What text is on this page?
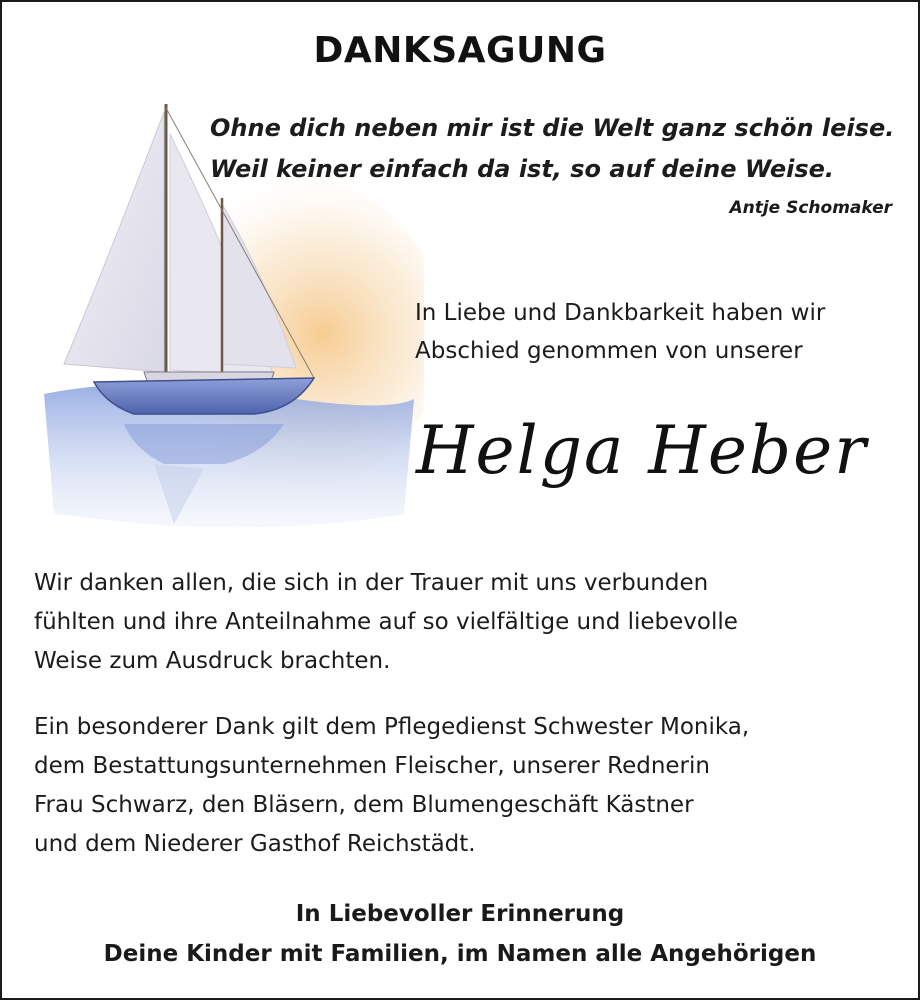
DANKSAGUNG
Ohne dich neben mir ist die Welt ganz schön leise.
Weil keiner einfach da ist, so auf deine Weise.
Antje Schomaker
In Liebe und Dankbarkeit haben wir
Abschied genommen von unserer
Helga Heber
Wir danken allen, die sich in der Trauer mit uns verbunden
fühlten und ihre Anteilnahme auf so vielfältige und liebevolle
Weise zum Ausdruck brachten.
Ein besonderer Dank gilt dem Pflegedienst Schwester Monika,
dem Bestattungsunternehmen Fleischer, unserer Rednerin
Frau Schwarz, den Bläsern, dem Blumengeschäft Kästner
und dem Niederer Gasthof Reichstädt.
In Liebevoller Erinnerung
Deine Kinder mit Familien, im Namen alle Angehörigen
